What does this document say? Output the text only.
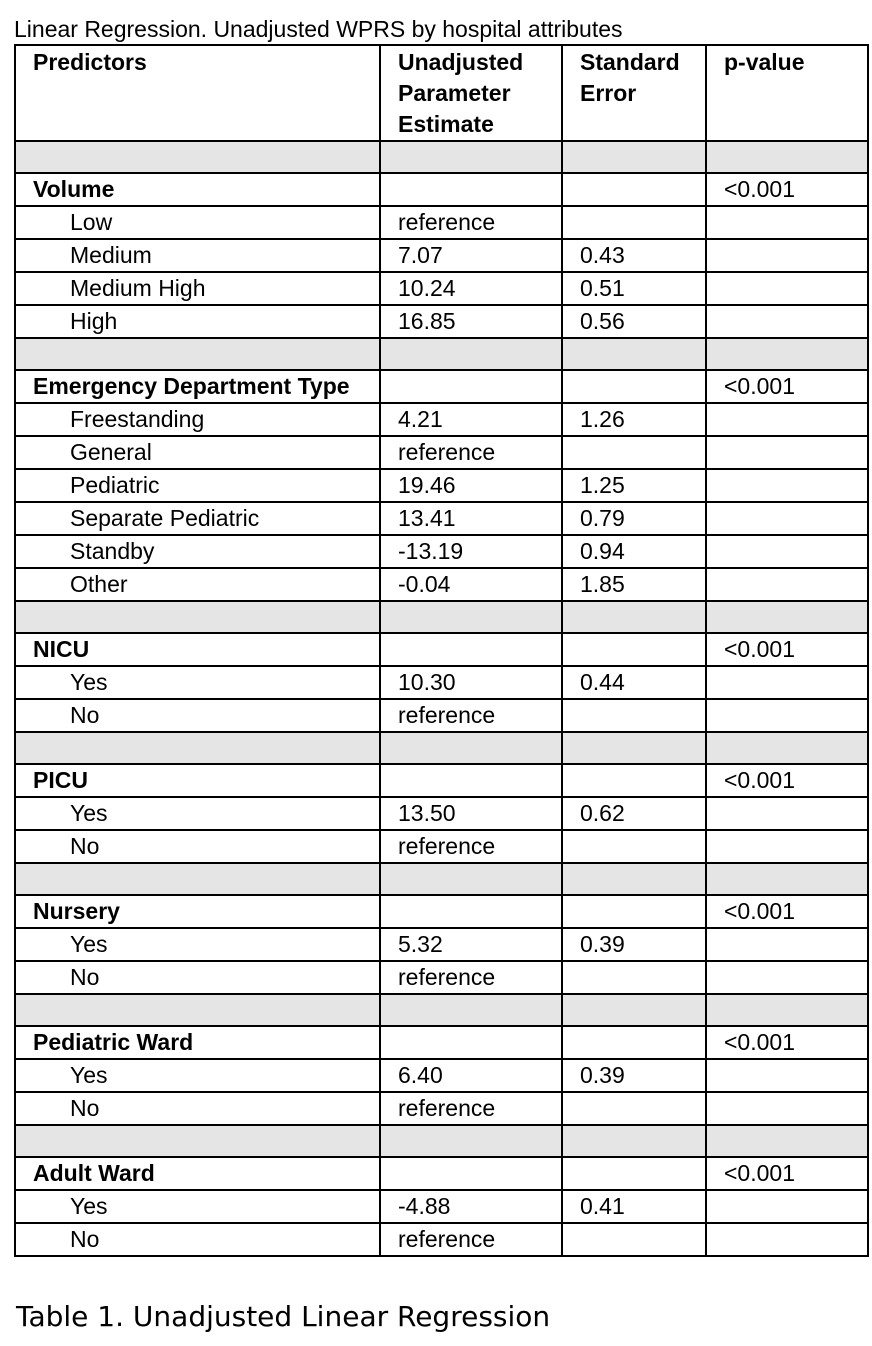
Linear Regression. Unadjusted WPRS by hospital attributes
Predictors	Unadjusted Parameter Estimate	Standard Error	p-value

Volume			<0.001
Low	reference		
Medium	7.07	0.43	
Medium High	10.24	0.51	
High	16.85	0.56	

Emergency Department Type			<0.001
Freestanding	4.21	1.26	
General	reference		
Pediatric	19.46	1.25	
Separate Pediatric	13.41	0.79	
Standby	-13.19	0.94	
Other	-0.04	1.85	

NICU			<0.001
Yes	10.30	0.44	
No	reference		

PICU			<0.001
Yes	13.50	0.62	
No	reference		

Nursery			<0.001
Yes	5.32	0.39	
No	reference		

Pediatric Ward			<0.001
Yes	6.40	0.39	
No	reference		

Adult Ward			<0.001
Yes	-4.88	0.41	
No	reference		
Table 1. Unadjusted Linear Regression
